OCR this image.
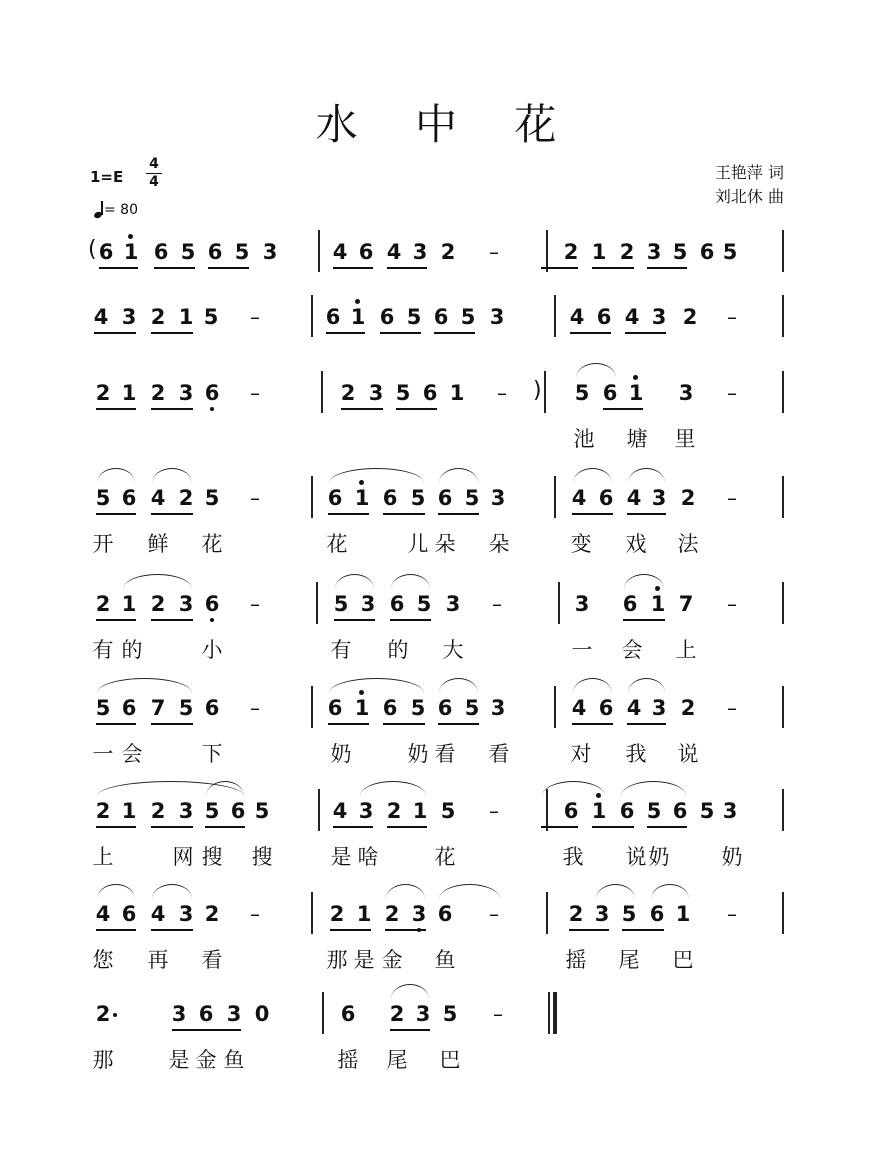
水 中 花
1=E
4
4
= 80
王艳萍 词
刘北休 曲
6 1 6 5 6 5 3	4 6 4 3 2 –	2 1 2 3 5 6 5
(
4 3 2 1 5 –	6 1 6 5 6 5 3	4 6 4 3 2 –
2 1 2 3 6 –	2 3 5 6 1 –	5 6 1 3 –
)
池 塘 里
5 6 4 2 5 –	6 1 6 5 6 5 3	4 6 4 3 2 –
开 鲜 花	花	儿 朵 朵	变 戏 法
2 1 2 3 6 –	5 3 6 5 3 –	3 6 1 7 –
有 的	小	有 的 大	一 会 上
5 6 7 5 6 –	6 1 6 5 6 5 3	4 6 4 3 2 –
一 会	下	奶	奶 看 看	对 我 说
2 1 2 3 5 6 5	4 3 2 1 5 –	6 1 6 5 6 5 3
上	网 搜 搜	是 啥	花	我 说 奶 奶
4 6 4 3 2 –	2 1 2 3 6 –	2 3 5 6 1 –
您 再 看	那 是 金 鱼	摇 尾 巴
2	3 6 3 0	6 2 3 5 –
那	是 金 鱼	摇 尾 巴
